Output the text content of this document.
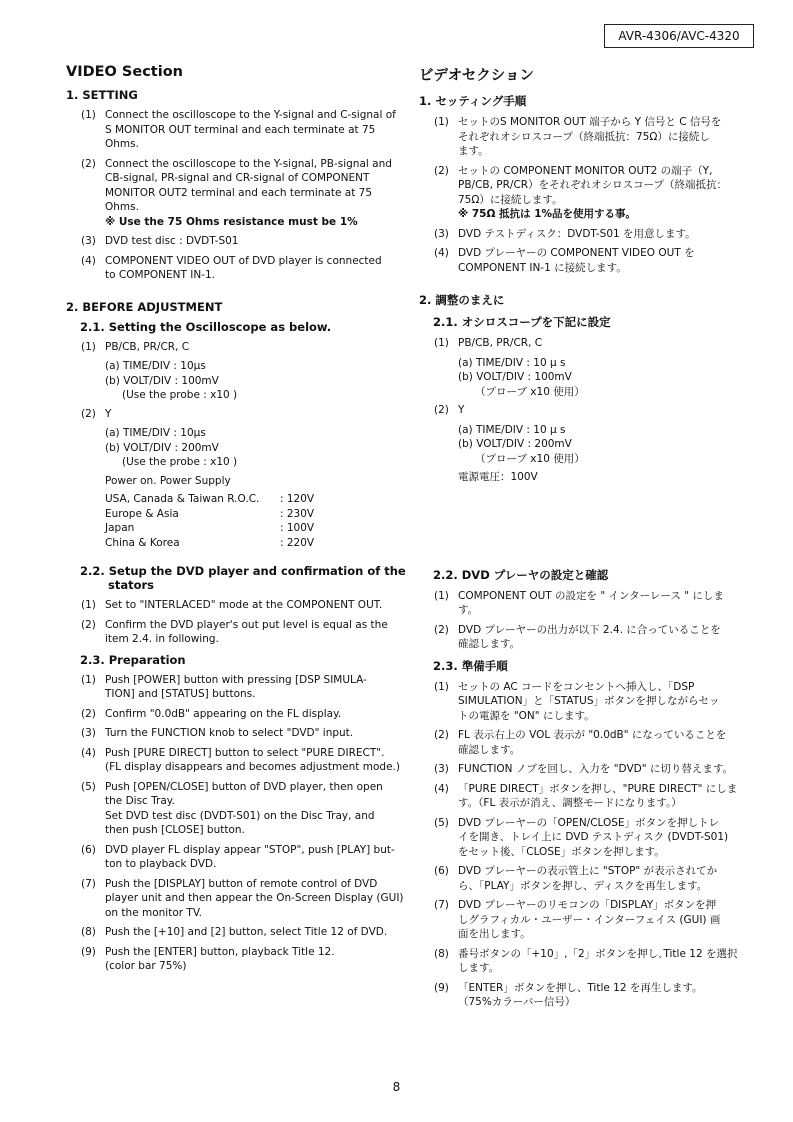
AVR-4306/AVC-4320
VIDEO Section
1. SETTING
(1) Connect the oscilloscope to the Y-signal and C-signal of
S MONITOR OUT terminal and each terminate at 75
Ohms.
(2) Connect the oscilloscope to the Y-signal, PB-signal and
CB-signal, PR-signal and CR-signal of COMPONENT
MONITOR OUT2 terminal and each terminate at 75
Ohms.
※ Use the 75 Ohms resistance must be 1%
(3) DVD test disc : DVDT-S01
(4) COMPONENT VIDEO OUT of DVD player is connected
to COMPONENT IN-1.
2. BEFORE ADJUSTMENT
2.1. Setting the Oscilloscope as below.
(1) PB/CB, PR/CR, C
(a) TIME/DIV : 10µs
(b) VOLT/DIV : 100mV
(Use the probe : x10 )
(2) Y
(a) TIME/DIV : 10µs
(b) VOLT/DIV : 200mV
(Use the probe : x10 )
Power on. Power Supply
USA, Canada & Taiwan R.O.C.	: 120V
Europe & Asia	: 230V
Japan	: 100V
China & Korea	: 220V
2.2. Setup the DVD player and confirmation of the
stators
(1) Set to "INTERLACED" mode at the COMPONENT OUT.
(2) Confirm the DVD player's out put level is equal as the
item 2.4. in following.
2.3. Preparation
(1) Push [POWER] button with pressing [DSP SIMULA-
TION] and [STATUS] buttons.
(2) Confirm "0.0dB" appearing on the FL display.
(3) Turn the FUNCTION knob to select "DVD" input.
(4) Push [PURE DIRECT] button to select "PURE DIRECT".
(FL display disappears and becomes adjustment mode.)
(5) Push [OPEN/CLOSE] button of DVD player, then open
the Disc Tray.
Set DVD test disc (DVDT-S01) on the Disc Tray, and
then push [CLOSE] button.
(6) DVD player FL display appear "STOP", push [PLAY] but-
ton to playback DVD.
(7) Push the [DISPLAY] button of remote control of DVD
player unit and then appear the On-Screen Display (GUI)
on the monitor TV.
(8) Push the [+10] and [2] button, select Title 12 of DVD.
(9) Push the [ENTER] button, playback Title 12.
(color bar 75%)
ビデオセクション
1. セッティング手順
(1) セットのS MONITOR OUT 端子から Y 信号と C 信号を
それぞれオシロスコープ（終端抵抗：75Ω）に接続し
ます。
(2) セットの COMPONENT MONITOR OUT2 の端子（Y,
PB/CB, PR/CR）をそれぞれオシロスコープ（終端抵抗：
75Ω）に接続します。
※ 75Ω 抵抗は 1%品を使用する事。
(3) DVD テストディスク：DVDT-S01 を用意します。
(4) DVD プレーヤーの COMPONENT VIDEO OUT を
COMPONENT IN-1 に接続します。
2. 調整のまえに
2.1. オシロスコープを下記に設定
(1) PB/CB, PR/CR, C
(a) TIME/DIV : 10 µ s
(b) VOLT/DIV : 100mV
（プローブ x10 使用）
(2) Y
(a) TIME/DIV : 10 µ s
(b) VOLT/DIV : 200mV
（プローブ x10 使用）
電源電圧：100V
2.2. DVD プレーヤの設定と確認
(1) COMPONENT OUT の設定を " インターレース " にしま
す。
(2) DVD プレーヤーの出力が以下 2.4. に合っていることを
確認します。
2.3. 準備手順
(1) セットの AC コードをコンセントへ挿入し、「DSP
SIMULATION」と「STATUS」ボタンを押しながらセッ
トの電源を "ON" にします。
(2) FL 表示右上の VOL 表示が "0.0dB" になっていることを
確認します。
(3) FUNCTION ノブを回し、入力を "DVD" に切り替えます。
(4) 「PURE DIRECT」ボタンを押し、"PURE DIRECT" にしま
す。（FL 表示が消え、調整モードになります。）
(5) DVD プレーヤーの「OPEN/CLOSE」ボタンを押しトレ
イを開き、トレイ上に DVD テストディスク (DVDT-S01)
をセット後、「CLOSE」ボタンを押します。
(6) DVD プレーヤーの表示管上に "STOP" が表示されてか
ら、「PLAY」ボタンを押し、ディスクを再生します。
(7) DVD プレーヤーのリモコンの「DISPLAY」ボタンを押
しグラフィカル・ユーザー・インターフェイス (GUI) 画
面を出します。
(8) 番号ボタンの「+10」,「2」ボタンを押し､Title 12 を選択
します。
(9) 「ENTER」ボタンを押し、Title 12 を再生します。
（75%カラーバー信号）
8
